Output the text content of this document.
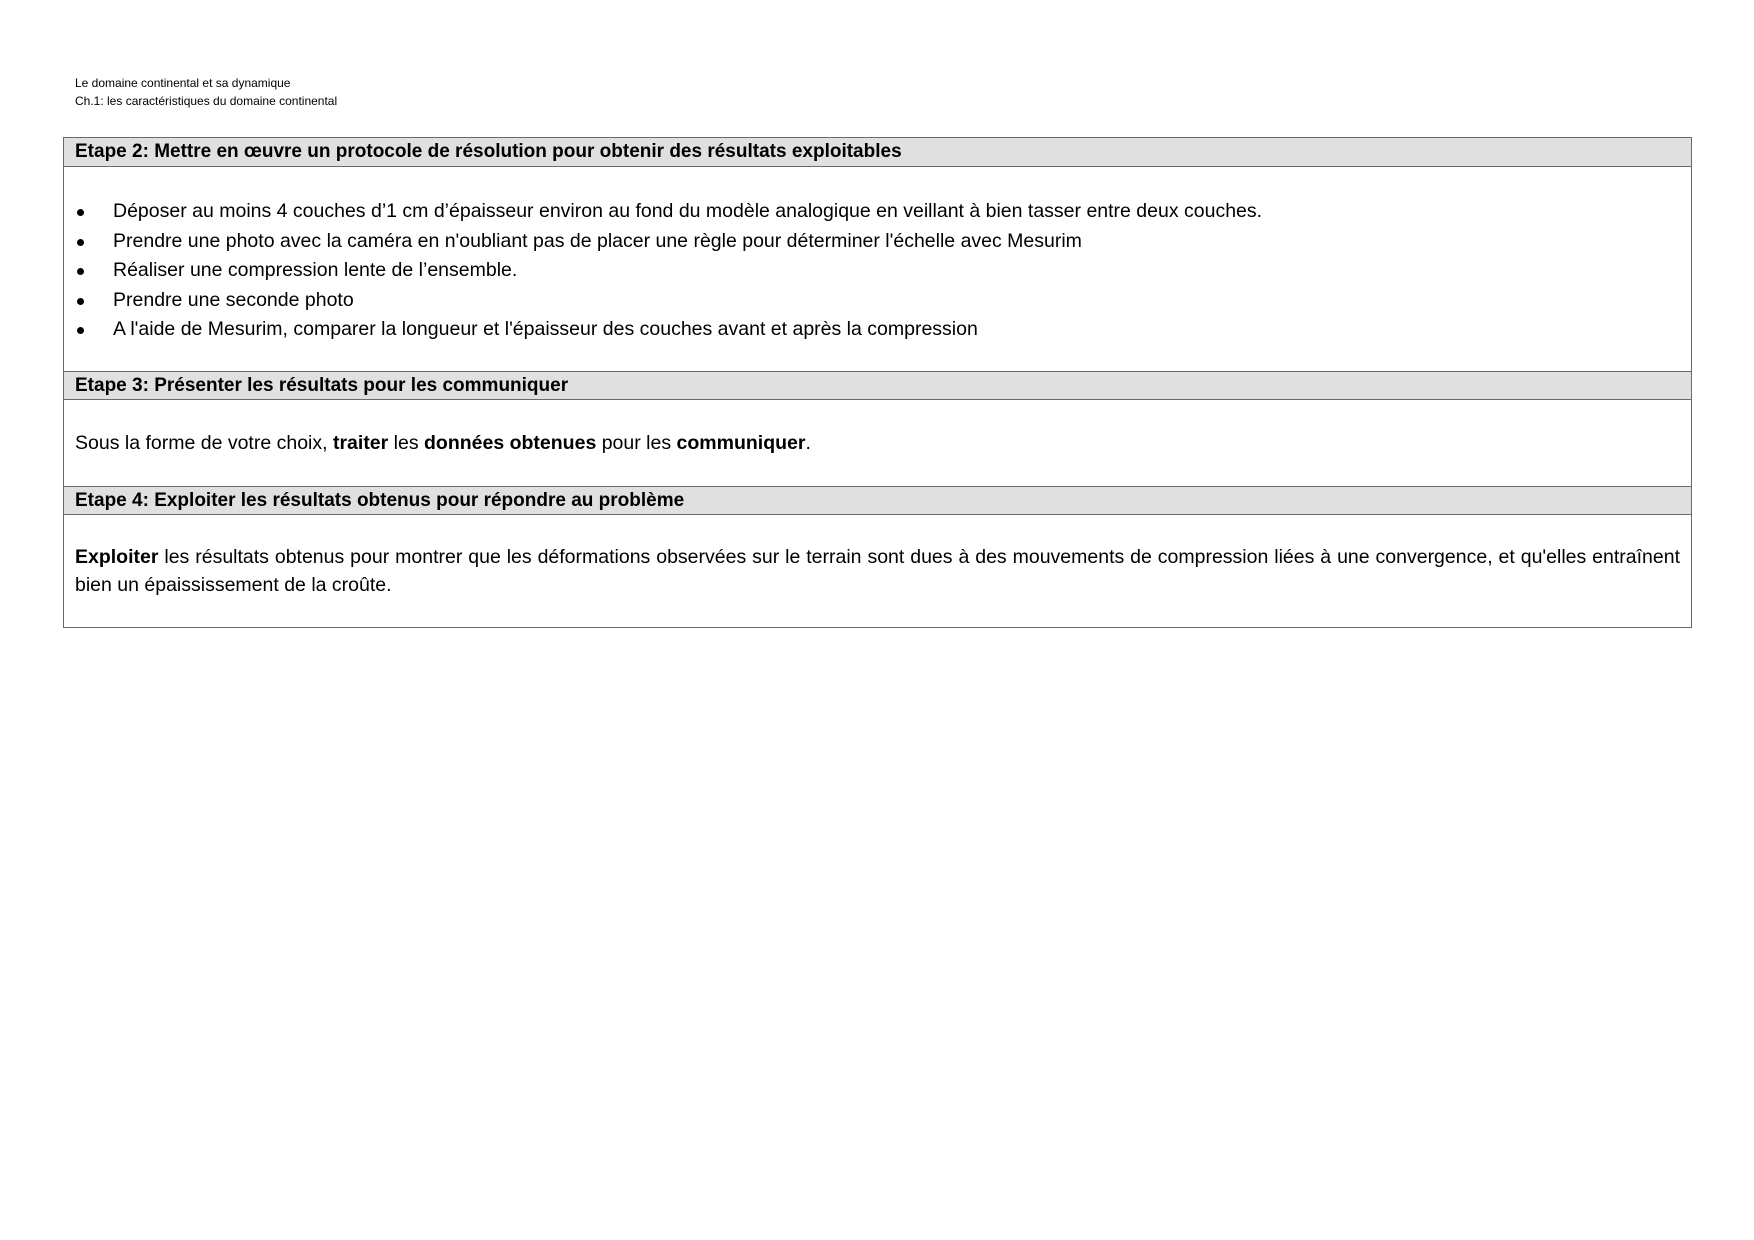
Le domaine continental et sa dynamique
Ch.1: les caractéristiques du domaine continental
Etape 2: Mettre en œuvre un protocole de résolution pour obtenir des résultats exploitables
Déposer au moins 4 couches d’1 cm d’épaisseur environ au fond du modèle analogique en veillant à bien tasser entre deux couches.
Prendre une photo avec la caméra en n'oubliant pas de placer une règle pour déterminer l'échelle avec Mesurim
Réaliser une compression lente de l’ensemble.
Prendre une seconde photo
A l'aide de Mesurim, comparer la longueur et l'épaisseur des couches avant et après la compression
Etape 3: Présenter les résultats pour les communiquer
Sous la forme de votre choix, traiter les données obtenues pour les communiquer.
Etape 4: Exploiter les résultats obtenus pour répondre au problème
Exploiter les résultats obtenus pour montrer que les déformations observées sur le terrain sont dues à des mouvements de compression liées à une convergence, et qu'elles entraînent bien un épaississement de la croûte.
